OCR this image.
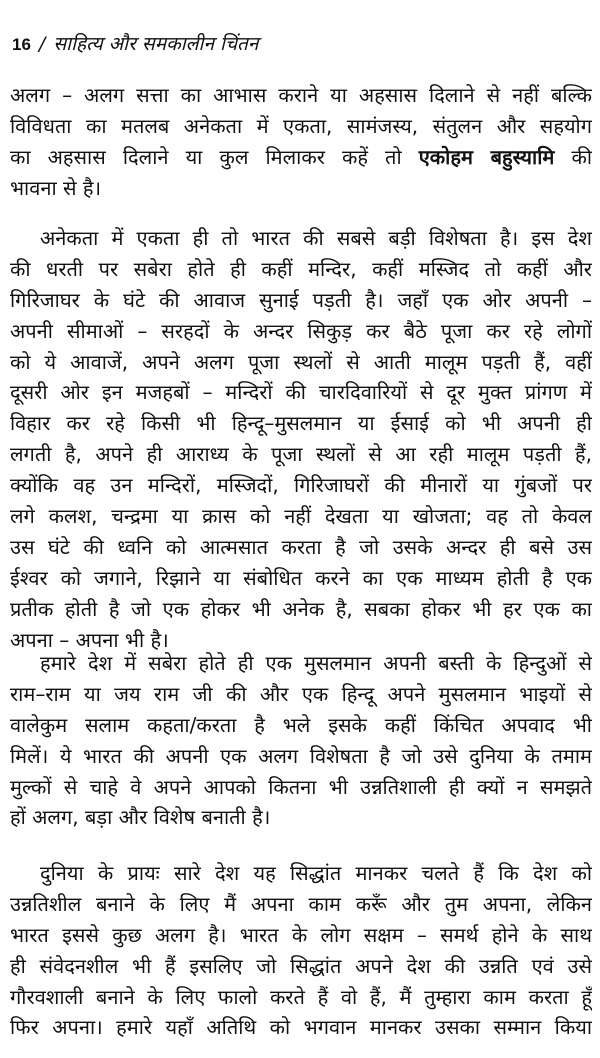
16 / साहित्य और समकालीन चिंतन
अलग – अलग सत्ता का आभास कराने या अहसास दिलाने से नहीं बल्कि
विविधता का मतलब अनेकता में एकता, सामंजस्य, संतुलन और सहयोग
का अहसास दिलाने या कुल मिलाकर कहें तो एकोहम बहुस्यामि की
भावना से है।
अनेकता में एकता ही तो भारत की सबसे बड़ी विशेषता है। इस देश
की धरती पर सबेरा होते ही कहीं मन्दिर, कहीं मस्जिद तो कहीं और
गिरिजाघर के घंटे की आवाज सुनाई पड़ती है। जहाँ एक ओर अपनी –
अपनी सीमाओं – सरहदों के अन्दर सिकुड़ कर बैठे पूजा कर रहे लोगों
को ये आवाजें, अपने अलग पूजा स्थलों से आती मालूम पड़ती हैं, वहीं
दूसरी ओर इन मजहबों – मन्दिरों की चारदिवारियों से दूर मुक्त प्रांगण में
विहार कर रहे किसी भी हिन्दू–मुसलमान या ईसाई को भी अपनी ही
लगती है, अपने ही आराध्य के पूजा स्थलों से आ रही मालूम पड़ती हैं,
क्योंकि वह उन मन्दिरों, मस्जिदों, गिरिजाघरों की मीनारों या गुंबजों पर
लगे कलश, चन्द्रमा या क्रास को नहीं देखता या खोजता; वह तो केवल
उस घंटे की ध्वनि को आत्मसात करता है जो उसके अन्दर ही बसे उस
ईश्वर को जगाने, रिझाने या संबोधित करने का एक माध्यम होती है एक
प्रतीक होती है जो एक होकर भी अनेक है, सबका होकर भी हर एक का
अपना – अपना भी है।
हमारे देश में सबेरा होते ही एक मुसलमान अपनी बस्ती के हिन्दुओं से
राम–राम या जय राम जी की और एक हिन्दू अपने मुसलमान भाइयों से
वालेकुम सलाम कहता/करता है भले इसके कहीं किंचित अपवाद भी
मिलें। ये भारत की अपनी एक अलग विशेषता है जो उसे दुनिया के तमाम
मुल्कों से चाहे वे अपने आपको कितना भी उन्नतिशाली ही क्यों न समझते
हों अलग, बड़ा और विशेष बनाती है।
दुनिया के प्रायः सारे देश यह सिद्धांत मानकर चलते हैं कि देश को
उन्नतिशील बनाने के लिए मैं अपना काम करूँ और तुम अपना, लेकिन
भारत इससे कुछ अलग है। भारत के लोग सक्षम – समर्थ होने के साथ
ही संवेदनशील भी हैं इसलिए जो सिद्धांत अपने देश की उन्नति एवं उसे
गौरवशाली बनाने के लिए फालो करते हैं वो हैं, मैं तुम्हारा काम करता हूँ
फिर अपना। हमारे यहाँ अतिथि को भगवान मानकर उसका सम्मान किया
